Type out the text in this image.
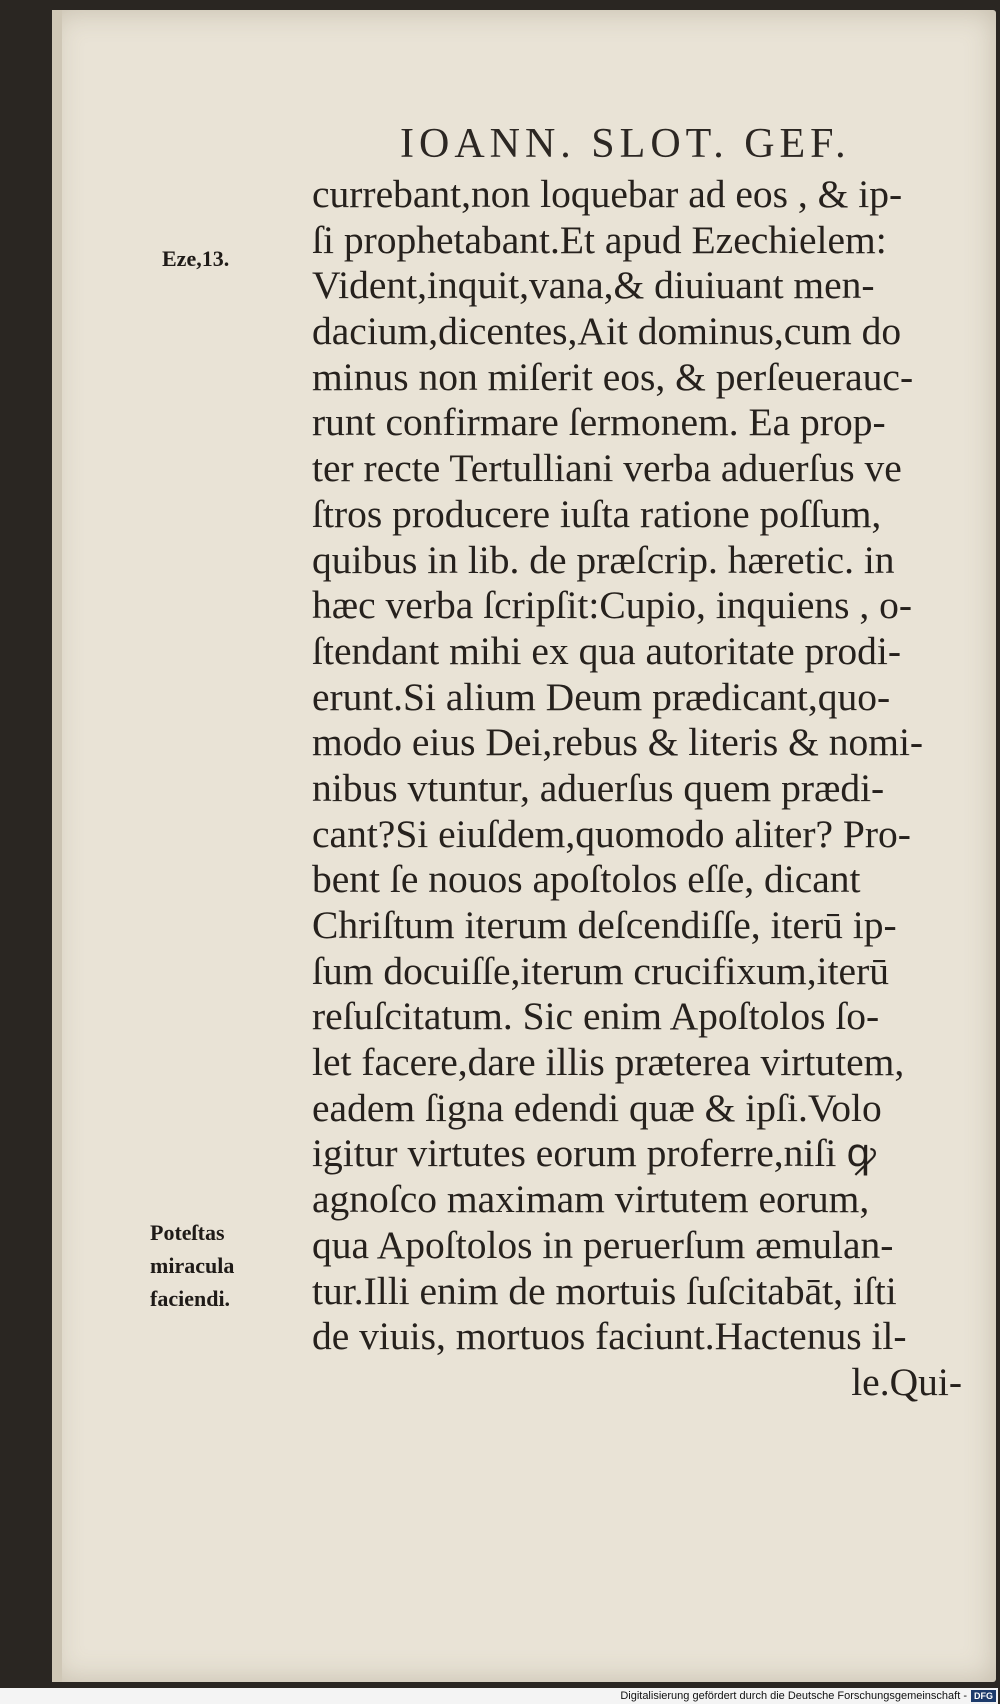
IOANN. SLOT. GEF.
currebant,non loquebar ad eos , & ip-
ſi prophetabant.Et apud Ezechielem:
Vident,inquit,vana,& diuiuant men-
dacium,dicentes,Ait dominus,cum do
minus non miſerit eos, & perſeuerauc-
runt confirmare ſermonem. Ea prop-
ter recte Tertulliani verba aduerſus ve
ſtros producere iuſta ratione poſſum,
quibus in lib. de præſcrip. hæretic. in
hæc verba ſcripſit:Cupio, inquiens , o-
ſtendant mihi ex qua autoritate prodi-
erunt.Si alium Deum prædicant,quo-
modo eius Dei,rebus & literis & nomi-
nibus vtuntur, aduerſus quem prædi-
cant?Si eiuſdem,quomodo aliter? Pro-
bent ſe nouos apoſtolos eſſe, dicant
Chriſtum iterum deſcendiſſe, iterū ip-
ſum docuiſſe,iterum crucifixum,iterū
reſuſcitatum. Sic enim Apoſtolos ſo-
let facere,dare illis præterea virtutem,
eadem ſigna edendi quæ & ipſi.Volo
igitur virtutes eorum proferre,niſi ꝙ
agnoſco maximam virtutem eorum,
qua Apoſtolos in peruerſum æmulan-
tur.Illi enim de mortuis ſuſcitabāt, iſti
de viuis, mortuos faciunt.Hactenus il-
le.Qui-
Eze,13.
Poteſtas
miracula
faciendi.
Digitalisierung gefördert durch die Deutsche Forschungsgemeinschaft - DFG
